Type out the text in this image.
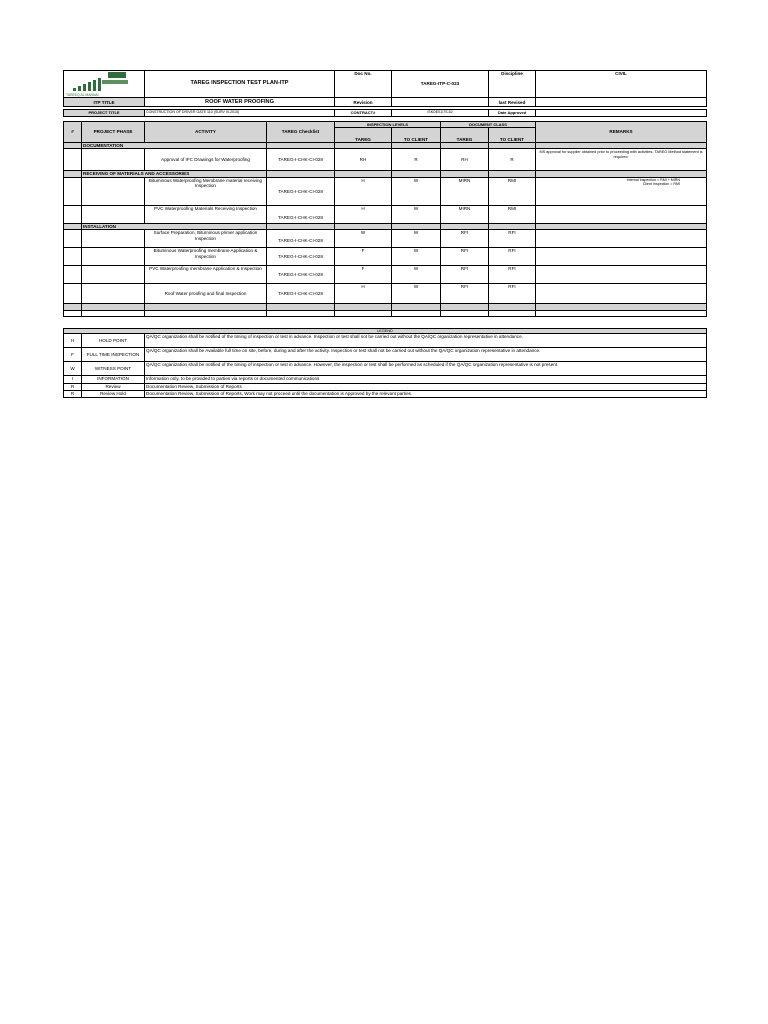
TAREEQ AL MANNAI
	TAREG INSPECTION TEST PLAN-ITP	Doc No.	TAREG-ITP-C-023	Discipline	CIVIL
ITP TITLE	ROOF WATER PROOFING	Revision		last Revised	
PROJECT TITLE	CONSTRUCTION OF DRIVER GATE 110 (SURV III-2015)	CONTRACT#	ISKDE01/7S-52	Date Approved	
#	PROJECT PHASE	ACTIVITY	TAREG Checklist	INSPECTION LEVELS		DOCUMENT CLASS		REMARKS
				TAREG	TO CLIENT	TAREG	TO CLIENT	
	DOCUMENTATION							
		Approval of IFC Drawings for Waterproofing	TAREG-I-CHK-CI-028	RH	R	RH	R	MS approval for supplier obtained prior to proceeding with activities, TAREG Method statement is required.
	RECEIVING OF MATERIALS AND ACCESSORIES							
		Bituminous Waterproofing Membrane material receiving Inspection	TAREG-I-CHK-CI-028	H	W	MIRN	RMI	Internal Inspection = RMI + MIRN
Client Inspection = RMI
		PVC Waterproofing Materials Receiving Inspection	TAREG-I-CHK-CI-028	H	W	MIRN	RMI	
	INSTALLATION							
		Surface Preparation, Bituminous primer application Inspection	TAREG-I-CHK-CI-028	W	W	RFI	RFI	
		Bituminous Waterproofing membrane Application & Inspection	TAREG-I-CHK-CI-028	F	W	RFI	RFI	
		PVC Waterproofing membrane Application & Inspection	TAREG-I-CHK-CI-028	F	W	RFI	RFI	
		Roof Water proofing and final Inspection	TAREG-I-CHK-CI-028	H	W	RFI	RFI	

LEGEND		
H	HOLD POINT	QA/QC organization shall be notified of the timing of inspection or test in advance. Inspection or test shall not be carried out without the QA/QC organization representative in attendance.
F	FULL TIME INSPECTION	QA/QC organization shall be Available full time on site, before, during and after the activity. Inspection or test shall not be carried out without the QA/QC organization representative in attendance.
W	WITNESS POINT	QA/QC organization shall be notified of the timing of inspection or test in advance. However, the inspection or test shall be performed as scheduled if the QA/QC organization representative is not present
I	INFORMATION	Information only, to be provided to parties via reports or documented communications
R	Review	Documentation Review, Submission of Reports
R	Review Hold	Documentation Review, Submission of Reports, Work may not proceed until the documentation is Approved by the relevant parties.
